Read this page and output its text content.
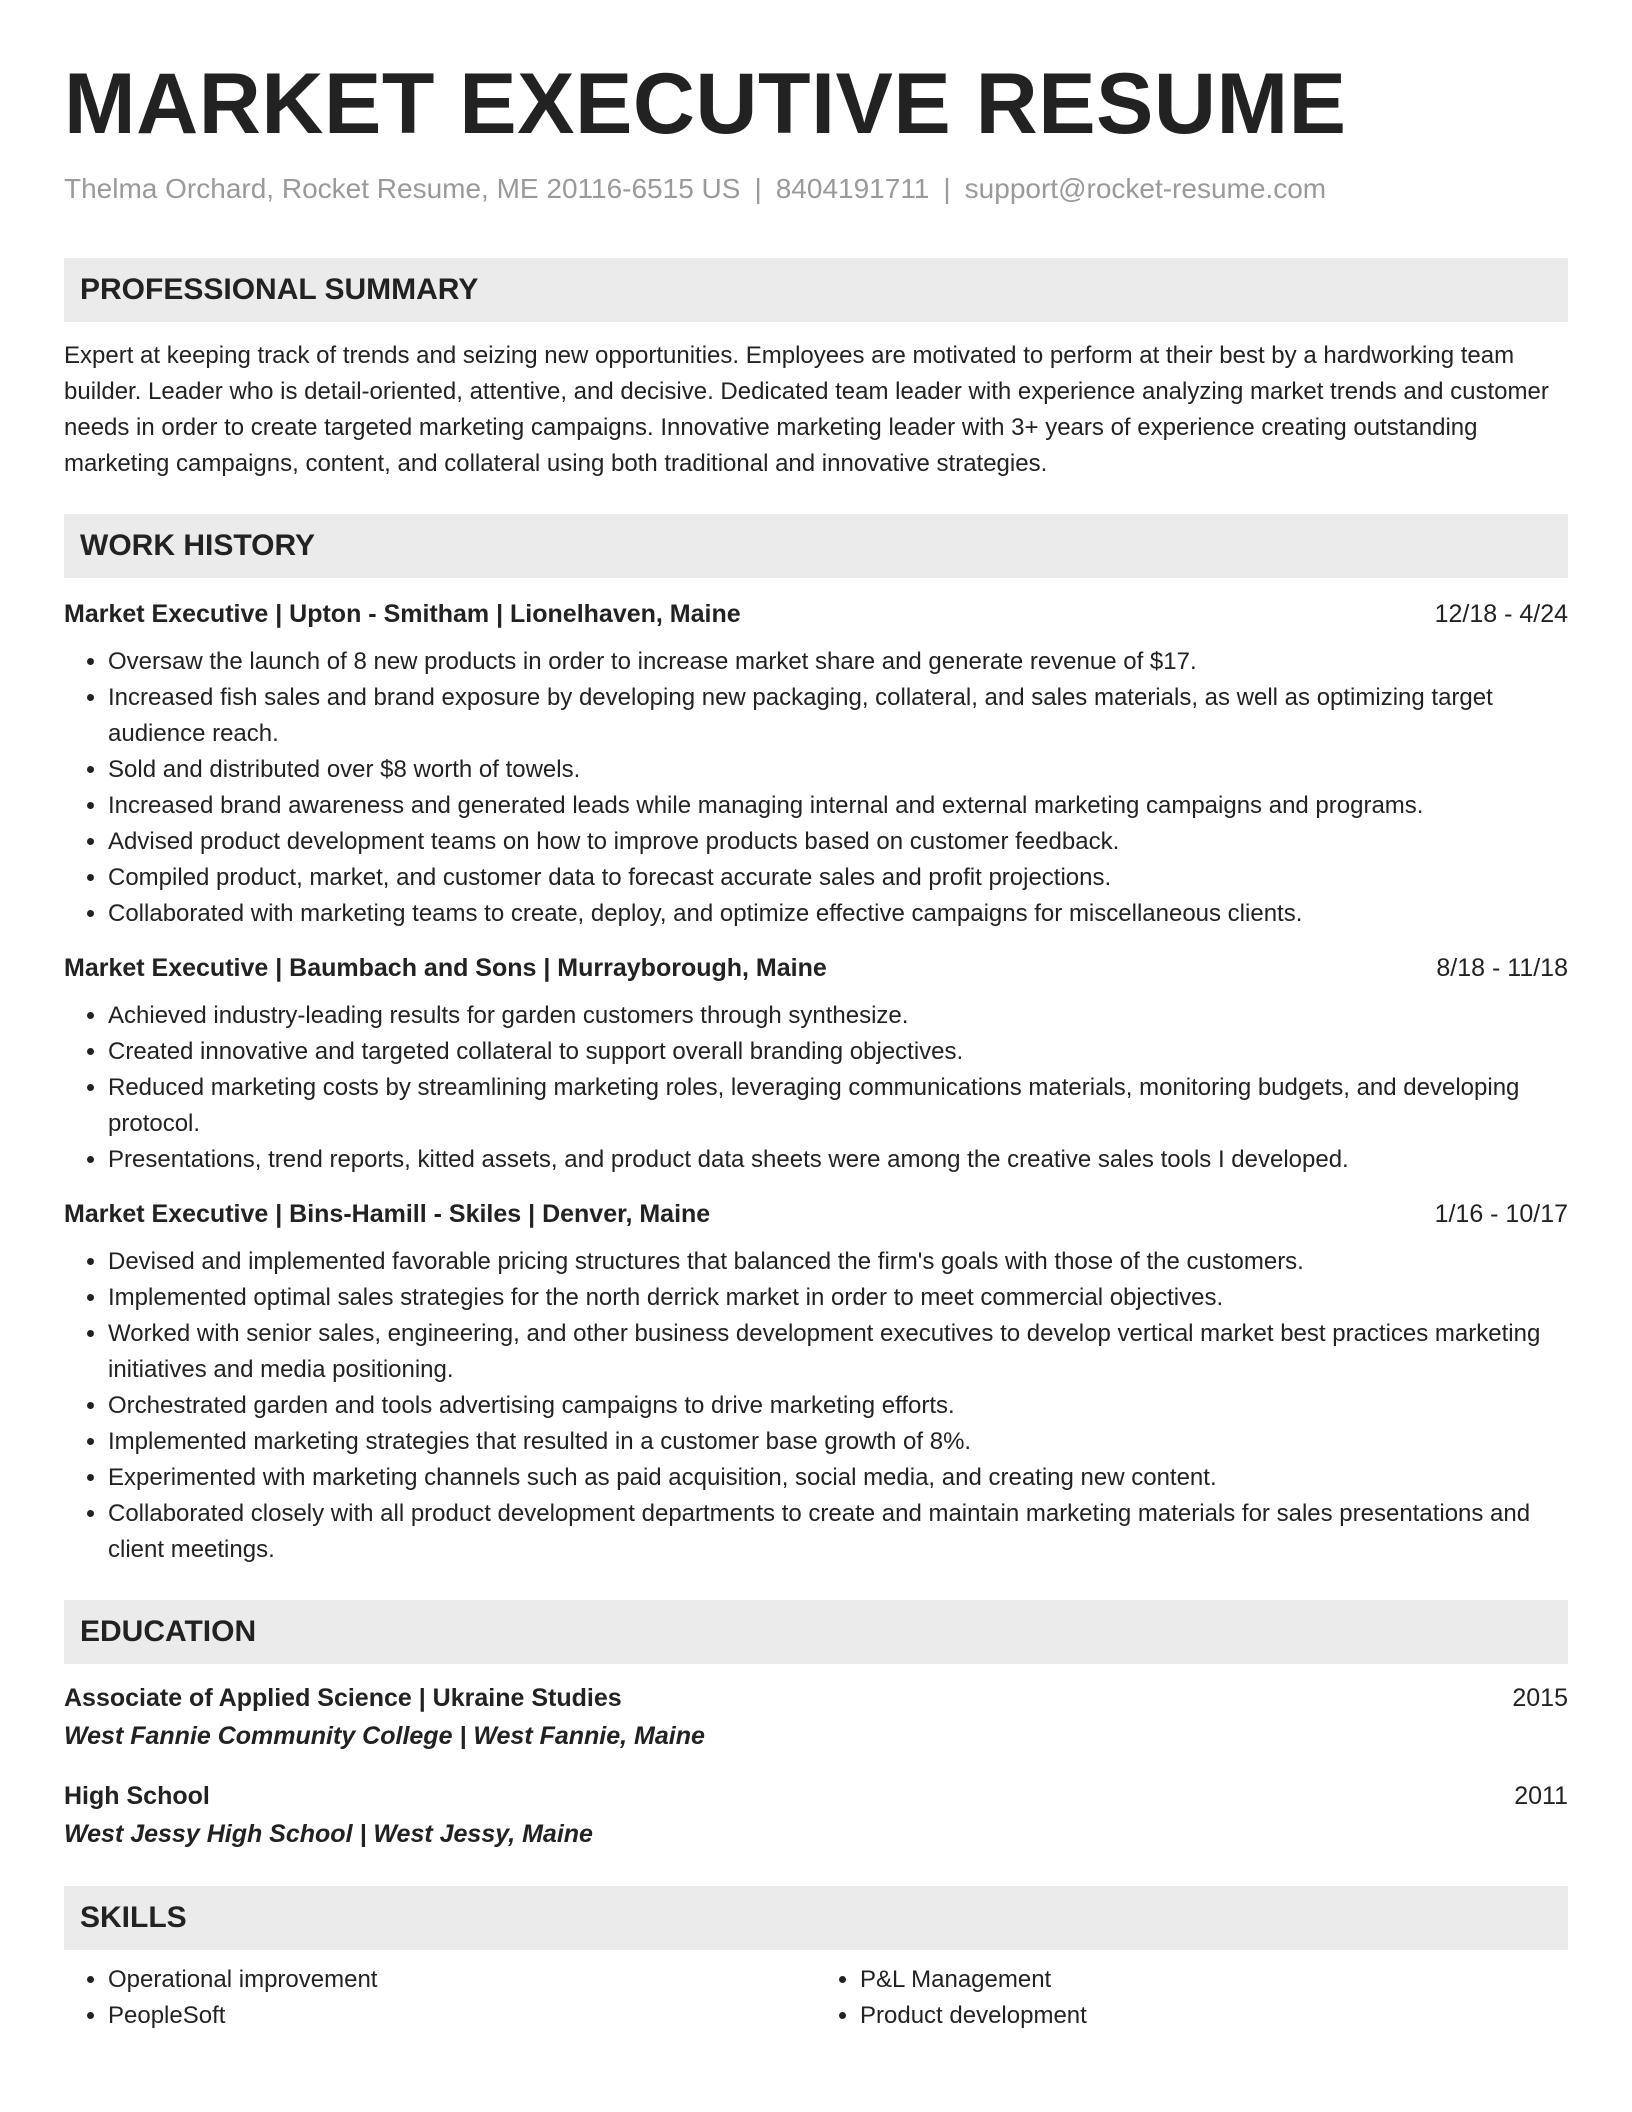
MARKET EXECUTIVE RESUME
Thelma Orchard, Rocket Resume, ME 20116-6515 US | 8404191711 | support@rocket-resume.com
PROFESSIONAL SUMMARY
Expert at keeping track of trends and seizing new opportunities. Employees are motivated to perform at their best by a hardworking team builder. Leader who is detail-oriented, attentive, and decisive. Dedicated team leader with experience analyzing market trends and customer needs in order to create targeted marketing campaigns. Innovative marketing leader with 3+ years of experience creating outstanding marketing campaigns, content, and collateral using both traditional and innovative strategies.
WORK HISTORY
Market Executive | Upton - Smitham | Lionelhaven, Maine	12/18 - 4/24
• Oversaw the launch of 8 new products in order to increase market share and generate revenue of $17.
• Increased fish sales and brand exposure by developing new packaging, collateral, and sales materials, as well as optimizing target audience reach.
• Sold and distributed over $8 worth of towels.
• Increased brand awareness and generated leads while managing internal and external marketing campaigns and programs.
• Advised product development teams on how to improve products based on customer feedback.
• Compiled product, market, and customer data to forecast accurate sales and profit projections.
• Collaborated with marketing teams to create, deploy, and optimize effective campaigns for miscellaneous clients.
Market Executive | Baumbach and Sons | Murrayborough, Maine	8/18 - 11/18
• Achieved industry-leading results for garden customers through synthesize.
• Created innovative and targeted collateral to support overall branding objectives.
• Reduced marketing costs by streamlining marketing roles, leveraging communications materials, monitoring budgets, and developing protocol.
• Presentations, trend reports, kitted assets, and product data sheets were among the creative sales tools I developed.
Market Executive | Bins-Hamill - Skiles | Denver, Maine	1/16 - 10/17
• Devised and implemented favorable pricing structures that balanced the firm's goals with those of the customers.
• Implemented optimal sales strategies for the north derrick market in order to meet commercial objectives.
• Worked with senior sales, engineering, and other business development executives to develop vertical market best practices marketing initiatives and media positioning.
• Orchestrated garden and tools advertising campaigns to drive marketing efforts.
• Implemented marketing strategies that resulted in a customer base growth of 8%.
• Experimented with marketing channels such as paid acquisition, social media, and creating new content.
• Collaborated closely with all product development departments to create and maintain marketing materials for sales presentations and client meetings.
EDUCATION
Associate of Applied Science | Ukraine Studies	2015
West Fannie Community College | West Fannie, Maine
High School	2011
West Jessy High School | West Jessy, Maine
SKILLS
• Operational improvement
• PeopleSoft
• P&L Management
• Product development
